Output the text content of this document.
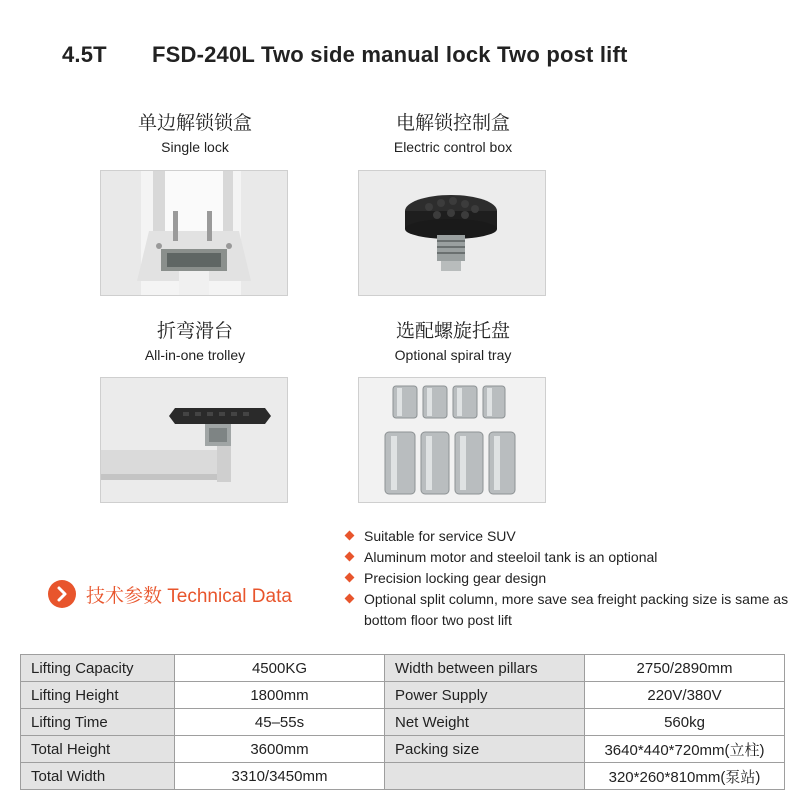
4.5T FSD-240L Two side manual lock Two post lift
单边解锁锁盒
Single lock
电解锁控制盒
Electric control box
折弯滑台
All-in-one trolley
选配螺旋托盘
Optional spiral tray
Suitable for service SUV
Aluminum motor and steeloil tank is an optional
Precision locking gear design
Optional split column, more save sea freight packing size is same as bottom floor two post lift
技术参数 Technical Data
Lifting Capacity	4500KG	Width between pillars	2750/2890mm
Lifting Height	1800mm	Power Supply	220V/380V
Lifting Time	45–55s	Net Weight	560kg
Total Height	3600mm	Packing size	3640*440*720mm(立柱)
Total Width	3310/3450mm		320*260*810mm(泵站)
